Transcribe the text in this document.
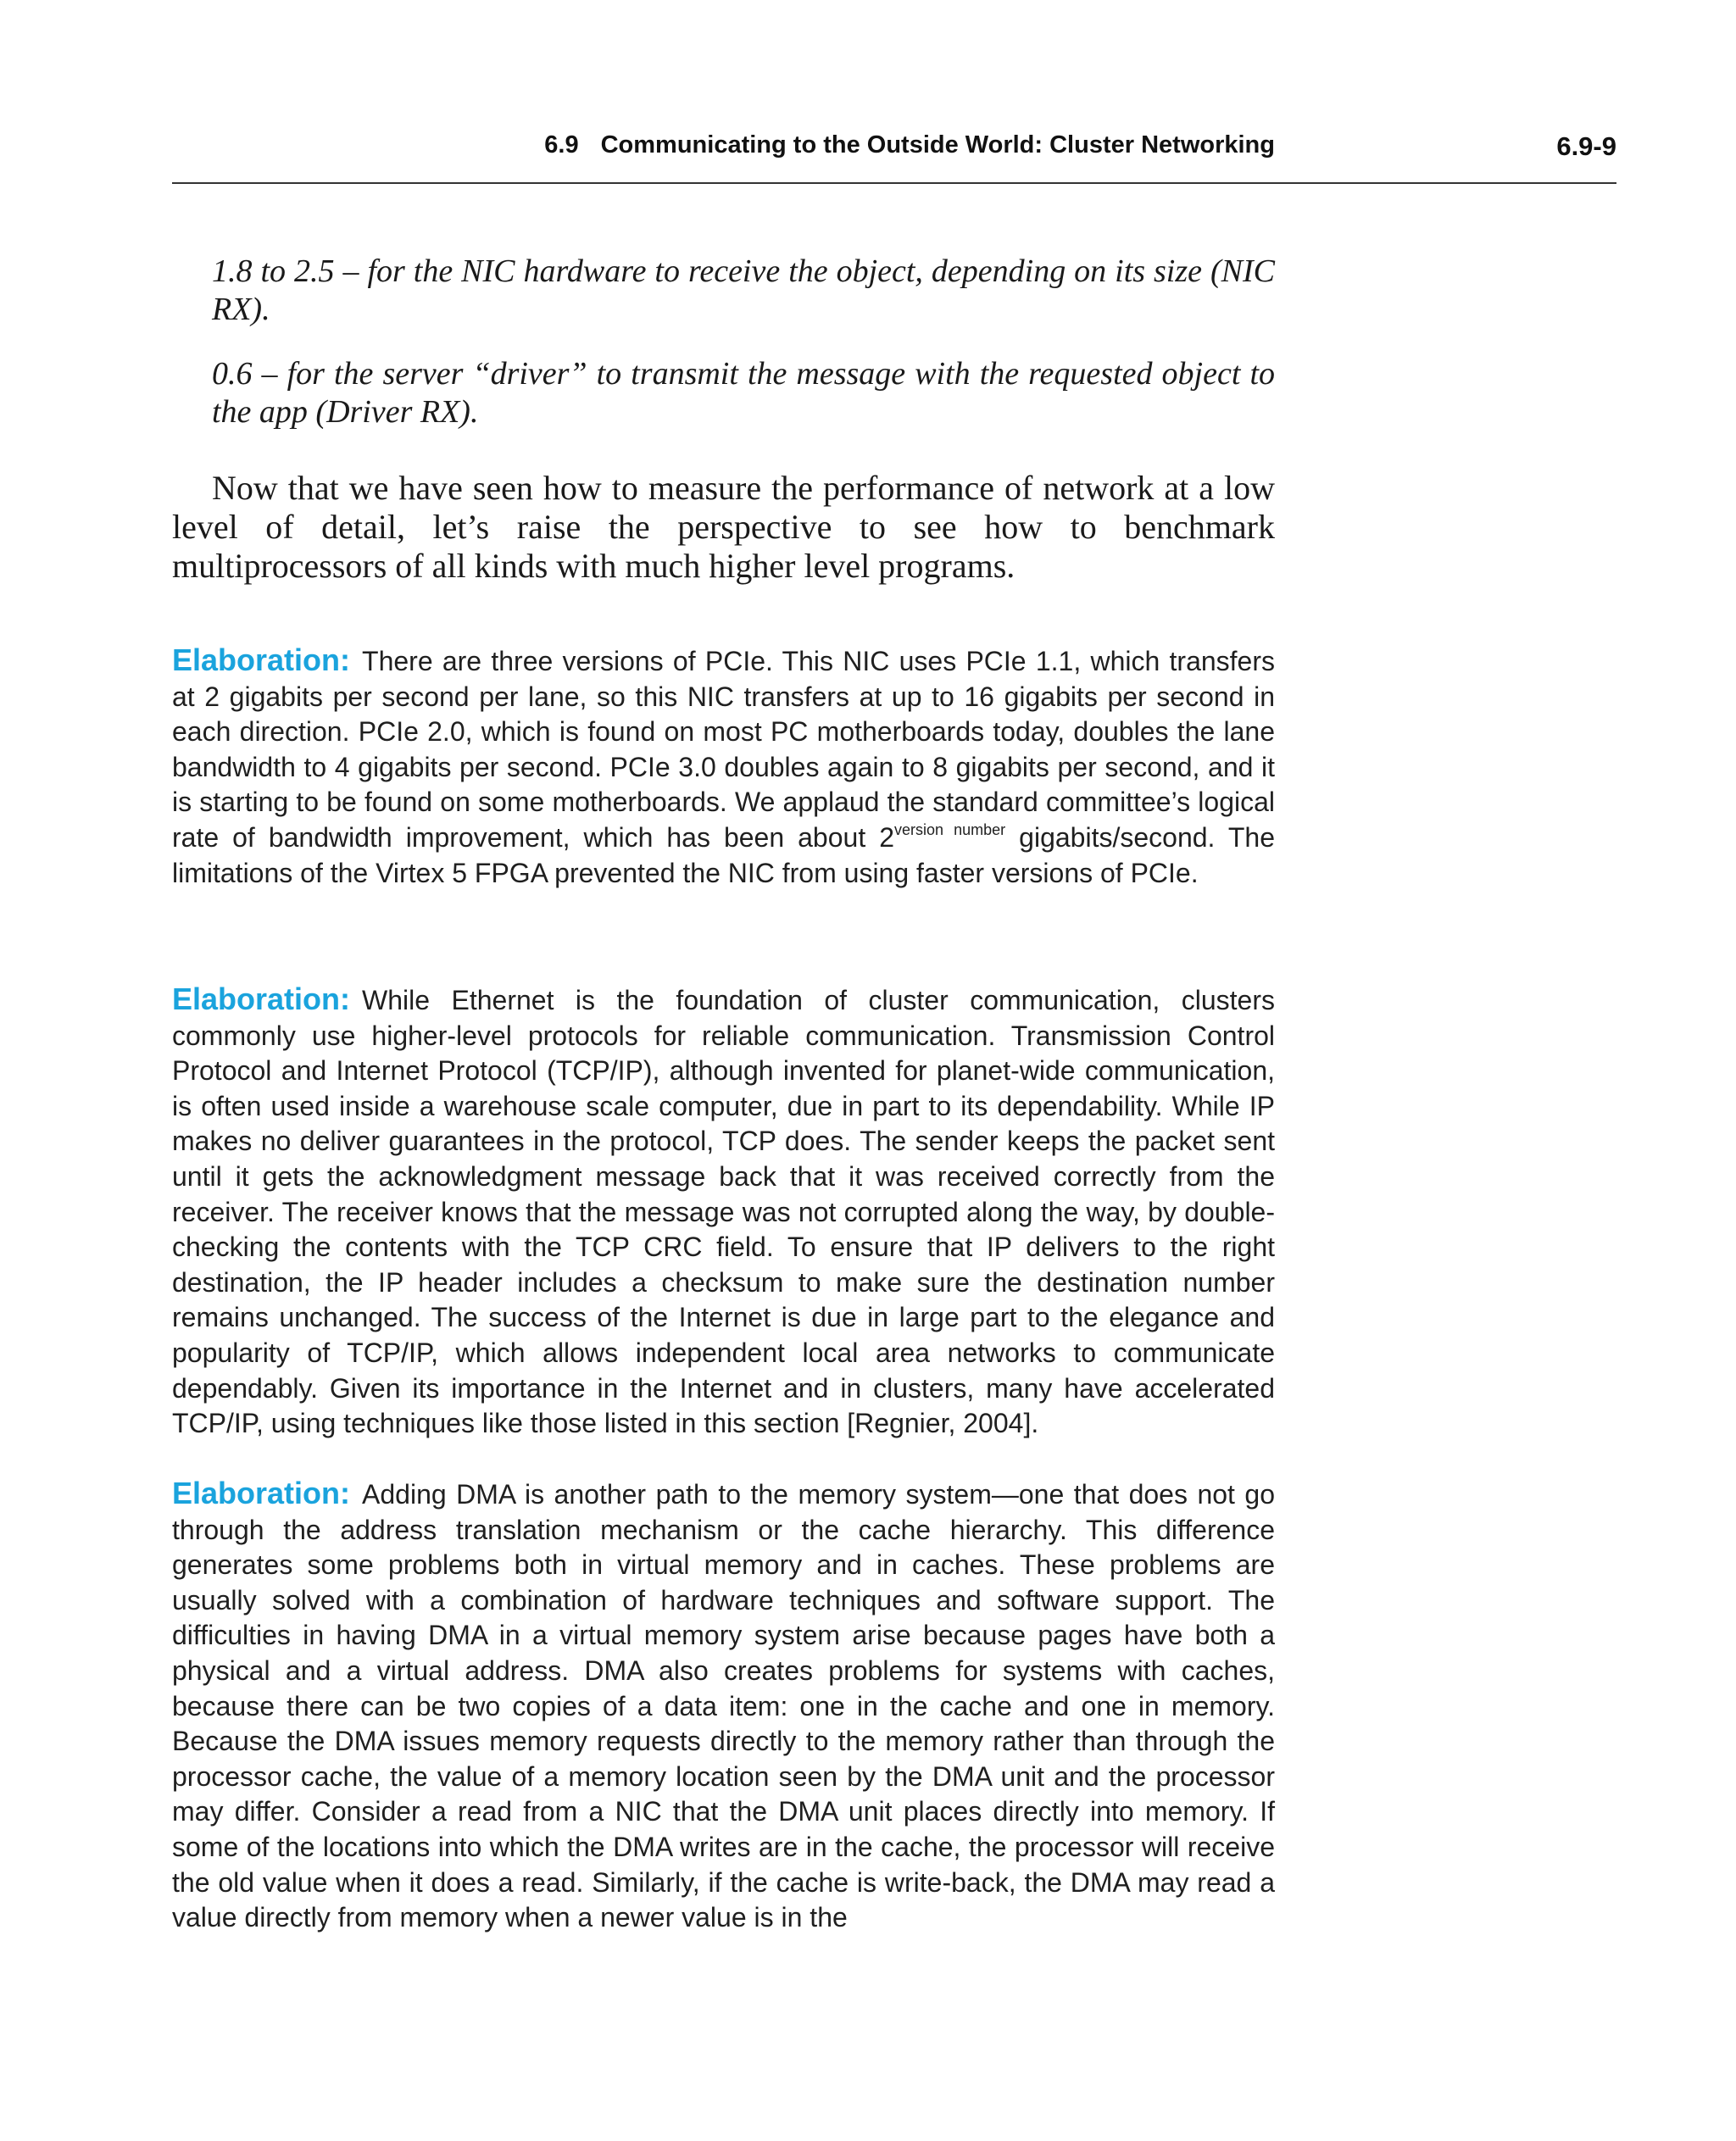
6.9 Communicating to the Outside World: Cluster Networking	6.9-9

1.8 to 2.5 – for the NIC hardware to receive the object, depending on its size (NIC RX).

0.6 – for the server “driver” to transmit the message with the requested object to the app (Driver RX).

Now that we have seen how to measure the performance of network at a low level of detail, let’s raise the perspective to see how to benchmark multiprocessors of all kinds with much higher level programs.

Elaboration: There are three versions of PCIe. This NIC uses PCIe 1.1, which transfers at 2 gigabits per second per lane, so this NIC transfers at up to 16 gigabits per second in each direction. PCIe 2.0, which is found on most PC motherboards today, doubles the lane bandwidth to 4 gigabits per second. PCIe 3.0 doubles again to 8 gigabits per second, and it is starting to be found on some motherboards. We applaud the standard committee’s logical rate of bandwidth improvement, which has been about $2^{version number}$ gigabits/second. The limitations of the Virtex 5 FPGA prevented the NIC from using faster versions of PCIe.

Elaboration: While Ethernet is the foundation of cluster communication, clusters commonly use higher-level protocols for reliable communication. Transmission Control Protocol and Internet Protocol (TCP/IP), although invented for planet-wide communication, is often used inside a warehouse scale computer, due in part to its dependability. While IP makes no deliver guarantees in the protocol, TCP does. The sender keeps the packet sent until it gets the acknowledgment message back that it was received correctly from the receiver. The receiver knows that the message was not corrupted along the way, by double-checking the contents with the TCP CRC field. To ensure that IP delivers to the right destination, the IP header includes a checksum to make sure the destination number remains unchanged. The success of the Internet is due in large part to the elegance and popularity of TCP/IP, which allows independent local area networks to communicate dependably. Given its importance in the Internet and in clusters, many have accelerated TCP/IP, using techniques like those listed in this section [Regnier, 2004].

Elaboration: Adding DMA is another path to the memory system—one that does not go through the address translation mechanism or the cache hierarchy. This difference generates some problems both in virtual memory and in caches. These problems are usually solved with a combination of hardware techniques and software support. The difficulties in having DMA in a virtual memory system arise because pages have both a physical and a virtual address. DMA also creates problems for systems with caches, because there can be two copies of a data item: one in the cache and one in memory. Because the DMA issues memory requests directly to the memory rather than through the processor cache, the value of a memory location seen by the DMA unit and the processor may differ. Consider a read from a NIC that the DMA unit places directly into memory. If some of the locations into which the DMA writes are in the cache, the processor will receive the old value when it does a read. Similarly, if the cache is write-back, the DMA may read a value directly from memory when a newer value is in the
